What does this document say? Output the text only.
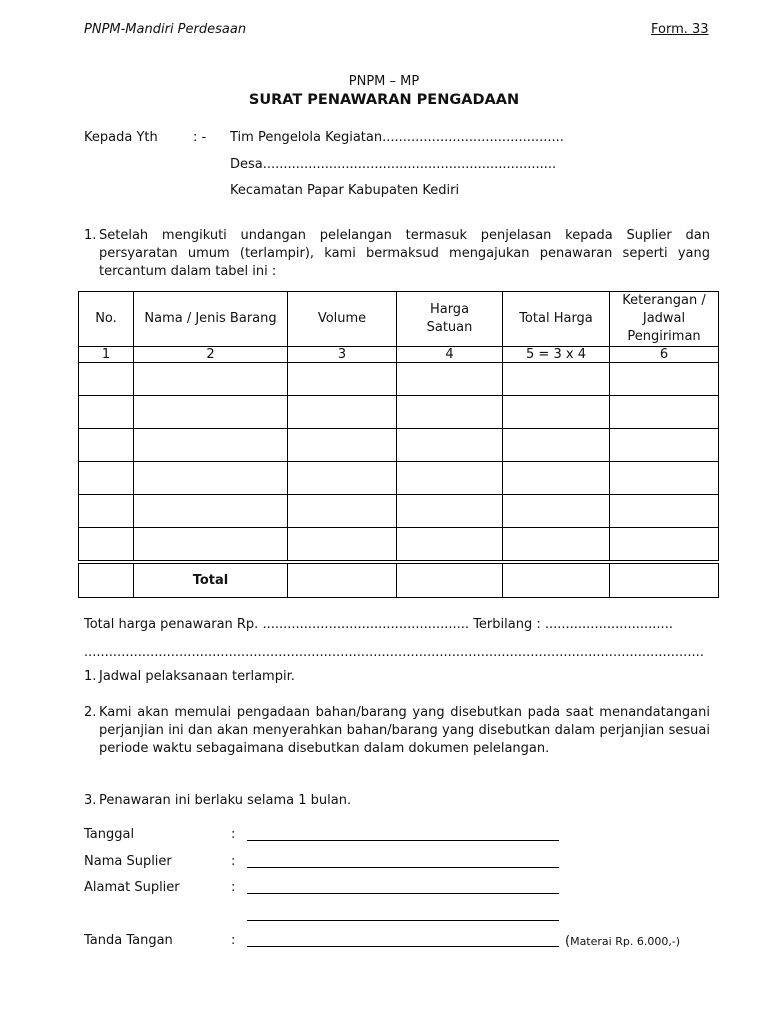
PNPM-Mandiri Perdesaan	Form. 33
PNPM – MP
SURAT PENAWARAN PENGADAAN
Kepada Yth	: - Tim Pengelola Kegiatan............................................
Desa.......................................................................
Kecamatan Papar Kabupaten Kediri
1. Setelah mengikuti undangan pelelangan termasuk penjelasan kepada Suplier dan persyaratan umum (terlampir), kami bermaksud mengajukan penawaran seperti yang tercantum dalam tabel ini :
No.	Nama / Jenis Barang	Volume	Harga Satuan	Total Harga	Keterangan / Jadwal Pengiriman
1	2	3	4	5 = 3 x 4	6

	Total				
Total harga penawaran Rp. .................................................. Terbilang : ...............................
......................................................................................................................................................
1. Jadwal pelaksanaan terlampir.
2. Kami akan memulai pengadaan bahan/barang yang disebutkan pada saat menandatangani perjanjian ini dan akan menyerahkan bahan/barang yang disebutkan dalam perjanjian sesuai periode waktu sebagaimana disebutkan dalam dokumen pelelangan.
3. Penawaran ini berlaku selama 1 bulan.
Tanggal	:
Nama Suplier	:
Alamat Suplier	:
Tanda Tangan	:	(Materai Rp. 6.000,-)
